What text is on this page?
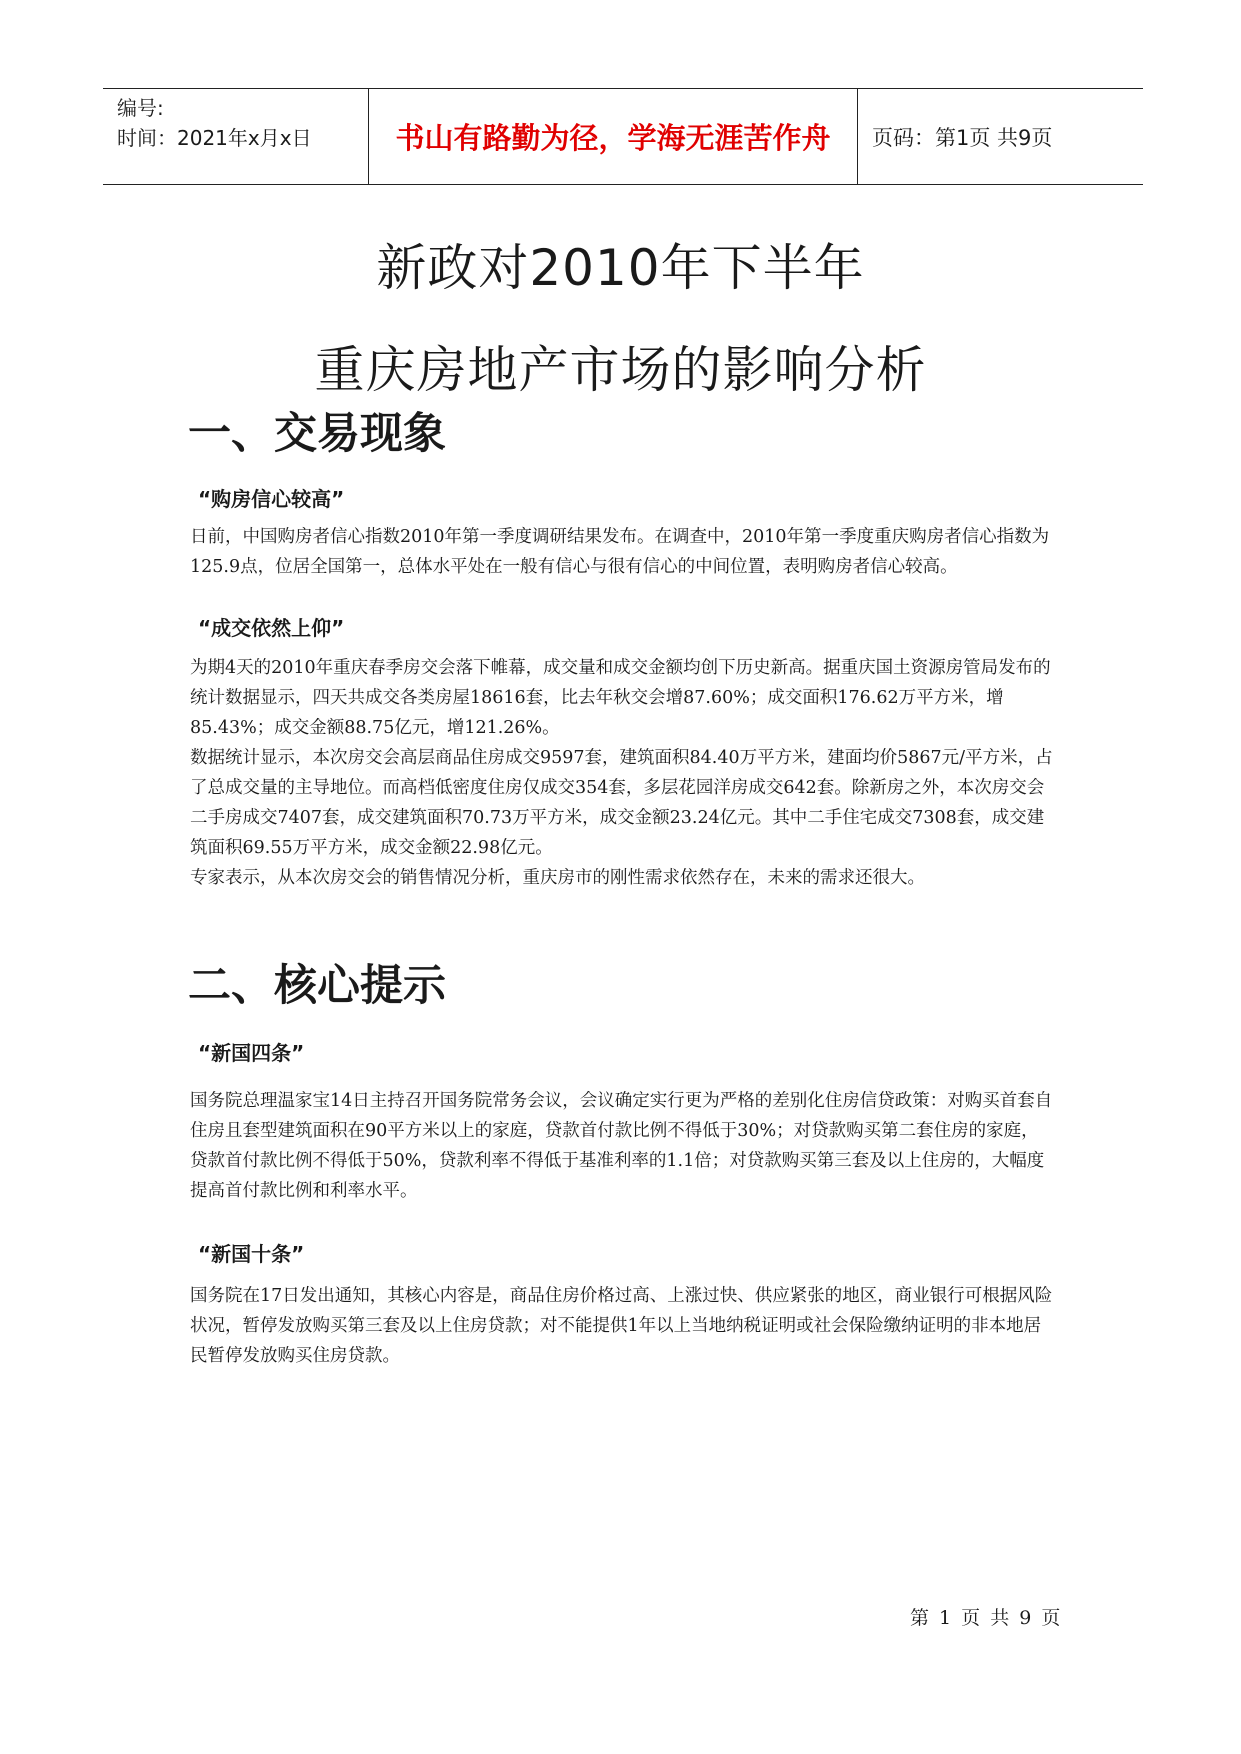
编号:
时间：2021年x月x日	书山有路勤为径，学海无涯苦作舟	页码：第1页 共9页
新政对2010年下半年
重庆房地产市场的影响分析
一、交易现象
“购房信心较高”

日前，中国购房者信心指数2010年第一季度调研结果发布。在调查中，2010年第一季度重庆购房者信心指数为125.9点，位居全国第一，总体水平处在一般有信心与很有信心的中间位置，表明购房者信心较高。

“成交依然上仰”

为期4天的2010年重庆春季房交会落下帷幕，成交量和成交金额均创下历史新高。据重庆国土资源房管局发布的统计数据显示，四天共成交各类房屋18616套，比去年秋交会增87.60%；成交面积176.62万平方米，增85.43%；成交金额88.75亿元，增121.26%。

数据统计显示，本次房交会高层商品住房成交9597套，建筑面积84.40万平方米，建面均价5867元/平方米，占了总成交量的主导地位。而高档低密度住房仅成交354套，多层花园洋房成交642套。除新房之外，本次房交会二手房成交7407套，成交建筑面积70.73万平方米，成交金额23.24亿元。其中二手住宅成交7308套，成交建筑面积69.55万平方米，成交金额22.98亿元。

专家表示，从本次房交会的销售情况分析，重庆房市的刚性需求依然存在，未来的需求还很大。

二、核心提示
“新国四条”

国务院总理温家宝14日主持召开国务院常务会议，会议确定实行更为严格的差别化住房信贷政策：对购买首套自住房且套型建筑面积在90平方米以上的家庭，贷款首付款比例不得低于30%；对贷款购买第二套住房的家庭，贷款首付款比例不得低于50%，贷款利率不得低于基准利率的1.1倍；对贷款购买第三套及以上住房的，大幅度提高首付款比例和利率水平。

“新国十条”

国务院在17日发出通知，其核心内容是，商品住房价格过高、上涨过快、供应紧张的地区，商业银行可根据风险状况，暂停发放购买第三套及以上住房贷款；对不能提供1年以上当地纳税证明或社会保险缴纳证明的非本地居民暂停发放购买住房贷款。

第 1 页 共 9 页
